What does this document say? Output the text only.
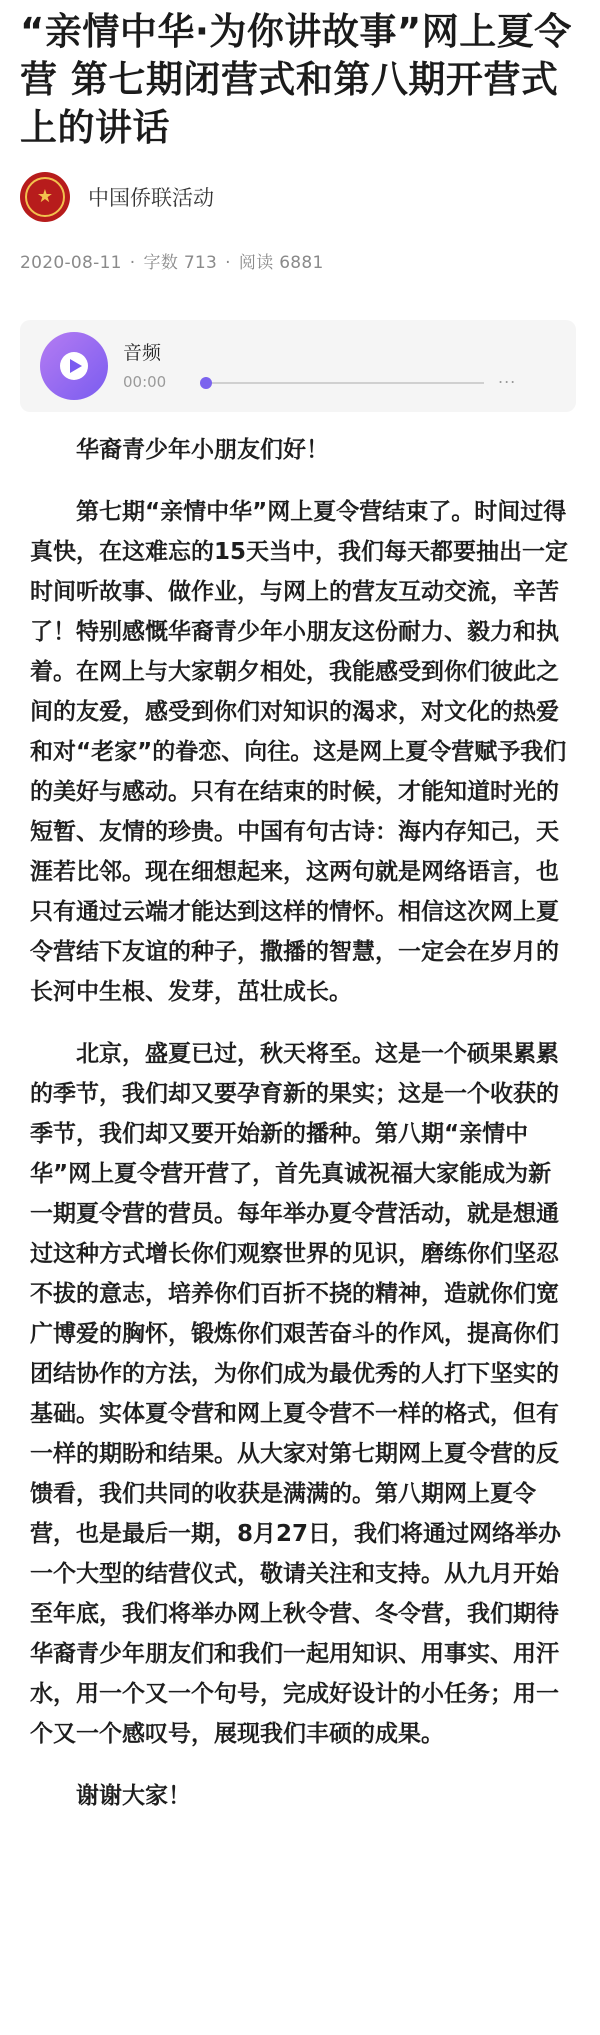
“亲情中华·为你讲故事”网上夏令营 第七期闭营式和第八期开营式上的讲话
★ 中国侨联活动
2020-08-11 · 字数 713 · 阅读 6881
音频
00:00	...

华裔青少年小朋友们好！

第七期“亲情中华”网上夏令营结束了。时间过得真快，在这难忘的15天当中，我们每天都要抽出一定时间听故事、做作业，与网上的营友互动交流，辛苦了！特别感慨华裔青少年小朋友这份耐力、毅力和执着。在网上与大家朝夕相处，我能感受到你们彼此之间的友爱，感受到你们对知识的渴求，对文化的热爱和对“老家”的眷恋、向往。这是网上夏令营赋予我们的美好与感动。只有在结束的时候，才能知道时光的短暂、友情的珍贵。中国有句古诗：海内存知己，天涯若比邻。现在细想起来，这两句就是网络语言，也只有通过云端才能达到这样的情怀。相信这次网上夏令营结下友谊的种子，撒播的智慧，一定会在岁月的长河中生根、发芽，茁壮成长。

北京，盛夏已过，秋天将至。这是一个硕果累累的季节，我们却又要孕育新的果实；这是一个收获的季节，我们却又要开始新的播种。第八期“亲情中华”网上夏令营开营了，首先真诚祝福大家能成为新一期夏令营的营员。每年举办夏令营活动，就是想通过这种方式增长你们观察世界的见识，磨练你们坚忍不拔的意志，培养你们百折不挠的精神，造就你们宽广博爱的胸怀，锻炼你们艰苦奋斗的作风，提高你们团结协作的方法，为你们成为最优秀的人打下坚实的基础。实体夏令营和网上夏令营不一样的格式，但有一样的期盼和结果。从大家对第七期网上夏令营的反馈看，我们共同的收获是满满的。第八期网上夏令营，也是最后一期，8月27日，我们将通过网络举办一个大型的结营仪式，敬请关注和支持。从九月开始至年底，我们将举办网上秋令营、冬令营，我们期待华裔青少年朋友们和我们一起用知识、用事实、用汗水，用一个又一个句号，完成好设计的小任务；用一个又一个感叹号，展现我们丰硕的成果。

谢谢大家！
